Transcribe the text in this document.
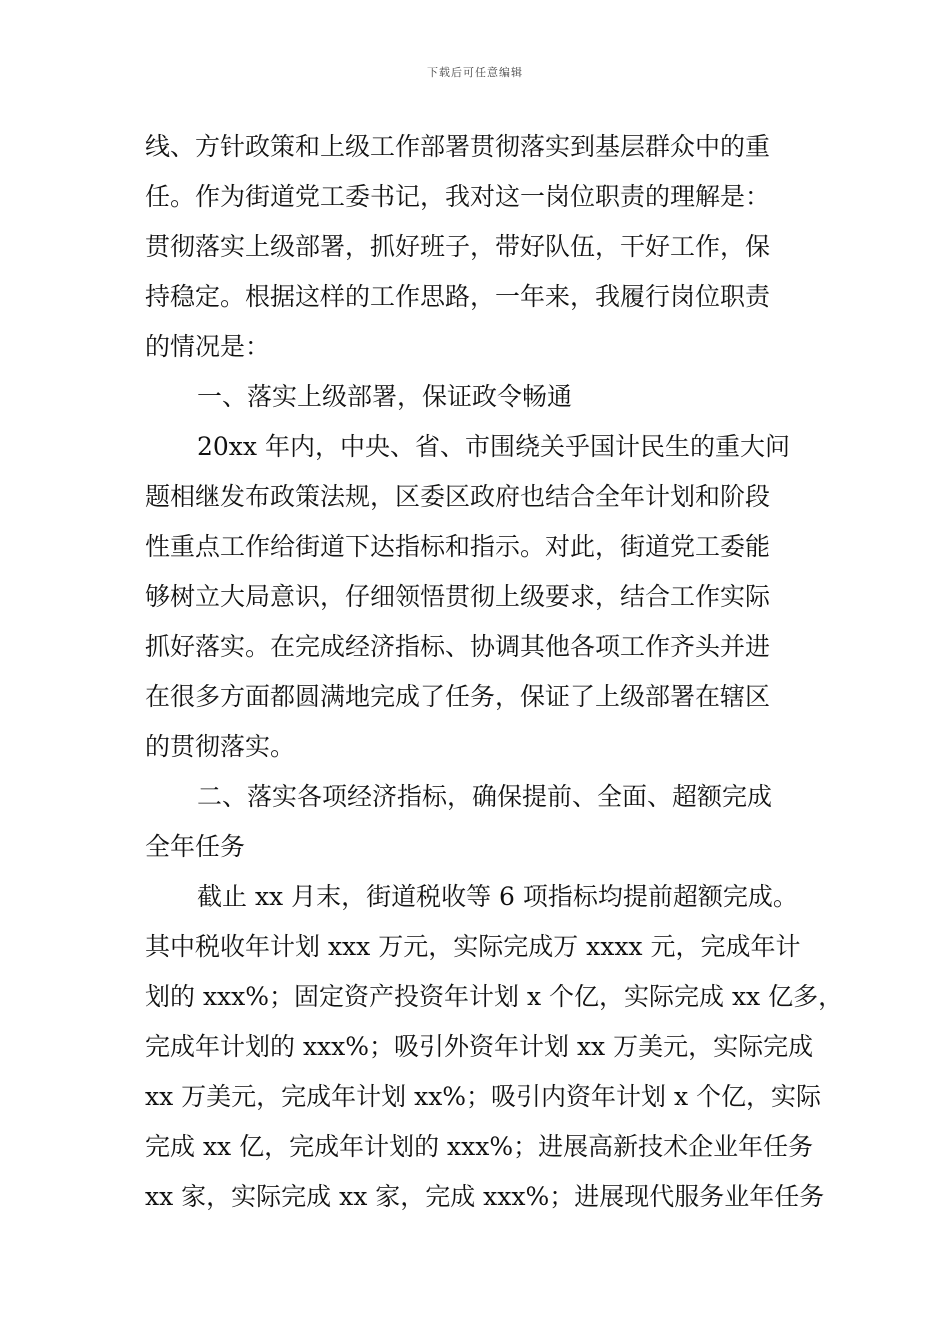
下载后可任意编辑
线、方针政策和上级工作部署贯彻落实到基层群众中的重
任。作为街道党工委书记，我对这一岗位职责的理解是：
贯彻落实上级部署，抓好班子，带好队伍，干好工作，保
持稳定。根据这样的工作思路，一年来，我履行岗位职责
的情况是：
一、落实上级部署，保证政令畅通
20xx 年内，中央、省、市围绕关乎国计民生的重大问
题相继发布政策法规，区委区政府也结合全年计划和阶段
性重点工作给街道下达指标和指示。对此，街道党工委能
够树立大局意识，仔细领悟贯彻上级要求，结合工作实际
抓好落实。在完成经济指标、协调其他各项工作齐头并进
在很多方面都圆满地完成了任务，保证了上级部署在辖区
的贯彻落实。
二、落实各项经济指标，确保提前、全面、超额完成
全年任务
截止 xx 月末，街道税收等 6 项指标均提前超额完成。
其中税收年计划 xxx 万元，实际完成万 xxxx 元，完成年计
划的 xxx%；固定资产投资年计划 x 个亿，实际完成 xx 亿多，
完成年计划的 xxx%；吸引外资年计划 xx 万美元，实际完成
xx 万美元，完成年计划 xx%；吸引内资年计划 x 个亿，实际
完成 xx 亿，完成年计划的 xxx%；进展高新技术企业年任务
xx 家，实际完成 xx 家，完成 xxx%；进展现代服务业年任务
